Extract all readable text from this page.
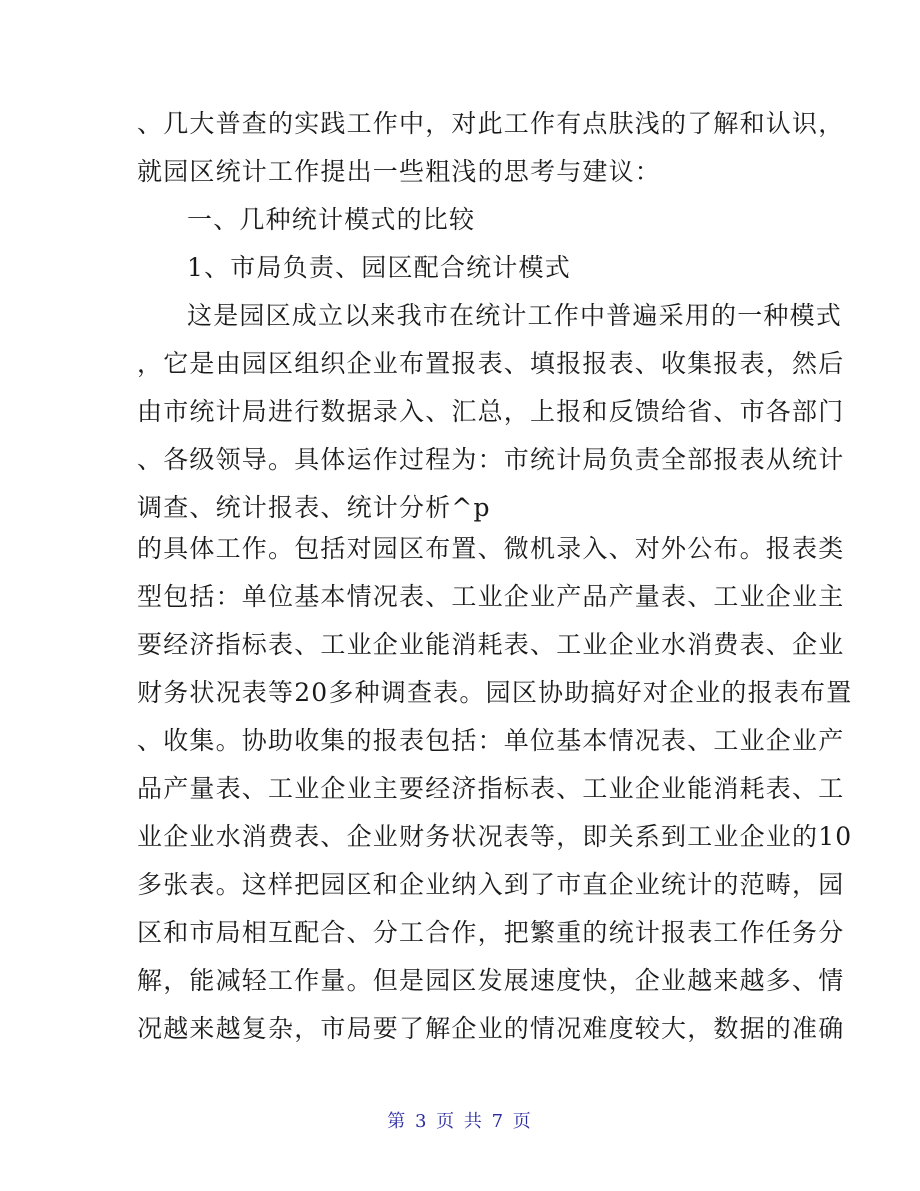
、几大普查的实践工作中，对此工作有点肤浅的了解和认识，
就园区统计工作提出一些粗浅的思考与建议：
一、几种统计模式的比较
1、市局负责、园区配合统计模式
这是园区成立以来我市在统计工作中普遍采用的一种模式
，它是由园区组织企业布置报表、填报报表、收集报表，然后
由市统计局进行数据录入、汇总，上报和反馈给省、市各部门
、各级领导。具体运作过程为：市统计局负责全部报表从统计
调查、统计报表、统计分析^p
的具体工作。包括对园区布置、微机录入、对外公布。报表类
型包括：单位基本情况表、工业企业产品产量表、工业企业主
要经济指标表、工业企业能消耗表、工业企业水消费表、企业
财务状况表等20多种调查表。园区协助搞好对企业的报表布置
、收集。协助收集的报表包括：单位基本情况表、工业企业产
品产量表、工业企业主要经济指标表、工业企业能消耗表、工
业企业水消费表、企业财务状况表等，即关系到工业企业的10
多张表。这样把园区和企业纳入到了市直企业统计的范畴，园
区和市局相互配合、分工合作，把繁重的统计报表工作任务分
解，能减轻工作量。但是园区发展速度快，企业越来越多、情
况越来越复杂，市局要了解企业的情况难度较大，数据的准确
第 3 页 共 7 页
